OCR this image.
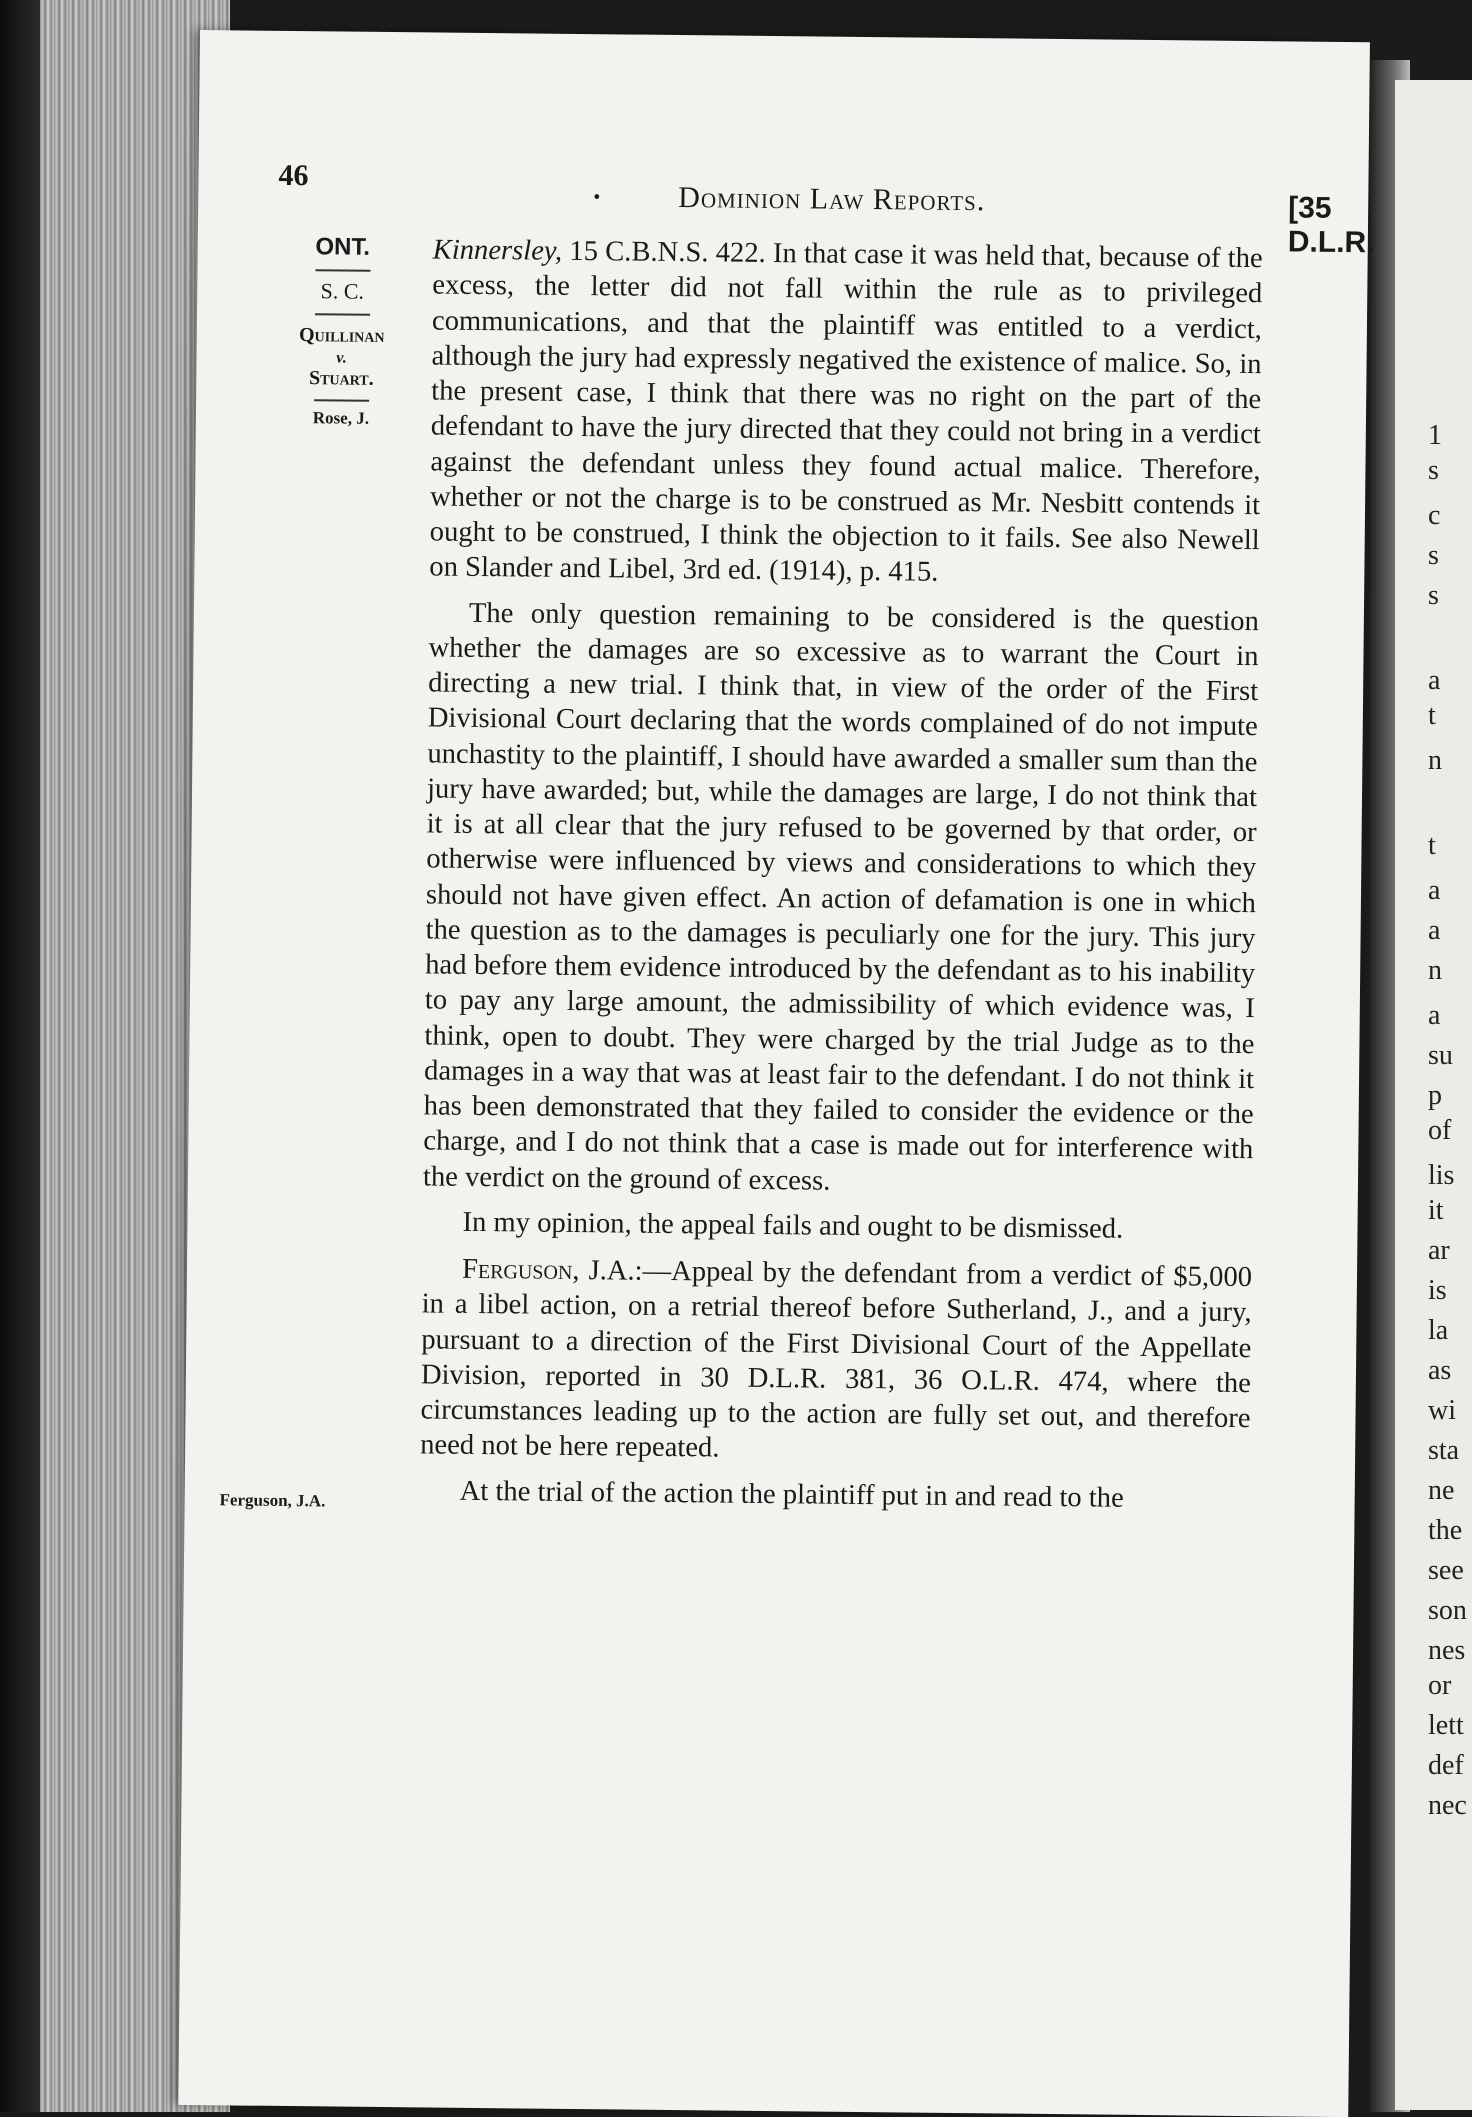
1
s
c
s
s
a
t
n
t
a
a
n
a
su
p
of
lis
it
ar
is
la
as
wi
sta
ne
the
see
son
nes
or
lett
def
nec
46
• Dominion Law Reports.	[35 D.L.R.
ONT.
S. C.
Quillinan
v.
Stuart.
Rose, J.
Ferguson, J.A.

Kinnersley, 15 C.B.N.S. 422. In that case it was held that, because of the excess, the letter did not fall within the rule as to privileged communications, and that the plaintiff was entitled to a verdict, although the jury had expressly negatived the existence of malice. So, in the present case, I think that there was no right on the part of the defendant to have the jury directed that they could not bring in a verdict against the defendant unless they found actual malice. Therefore, whether or not the charge is to be construed as Mr. Nesbitt contends it ought to be construed, I think the objection to it fails. See also Newell on Slander and Libel, 3rd ed. (1914), p. 415.

The only question remaining to be considered is the question whether the damages are so excessive as to warrant the Court in directing a new trial. I think that, in view of the order of the First Divisional Court declaring that the words complained of do not impute unchastity to the plaintiff, I should have awarded a smaller sum than the jury have awarded; but, while the damages are large, I do not think that it is at all clear that the jury refused to be governed by that order, or otherwise were influenced by views and considerations to which they should not have given effect. An action of defamation is one in which the question as to the damages is peculiarly one for the jury. This jury had before them evidence introduced by the defendant as to his inability to pay any large amount, the admissibility of which evidence was, I think, open to doubt. They were charged by the trial Judge as to the damages in a way that was at least fair to the defendant. I do not think it has been demonstrated that they failed to consider the evidence or the charge, and I do not think that a case is made out for interference with the verdict on the ground of excess.

In my opinion, the appeal fails and ought to be dismissed.

Ferguson, J.A.:—Appeal by the defendant from a verdict of $5,000 in a libel action, on a retrial thereof before Sutherland, J., and a jury, pursuant to a direction of the First Divisional Court of the Appellate Division, reported in 30 D.L.R. 381, 36 O.L.R. 474, where the circumstances leading up to the action are fully set out, and therefore need not be here repeated.

At the trial of the action the plaintiff put in and read to the
